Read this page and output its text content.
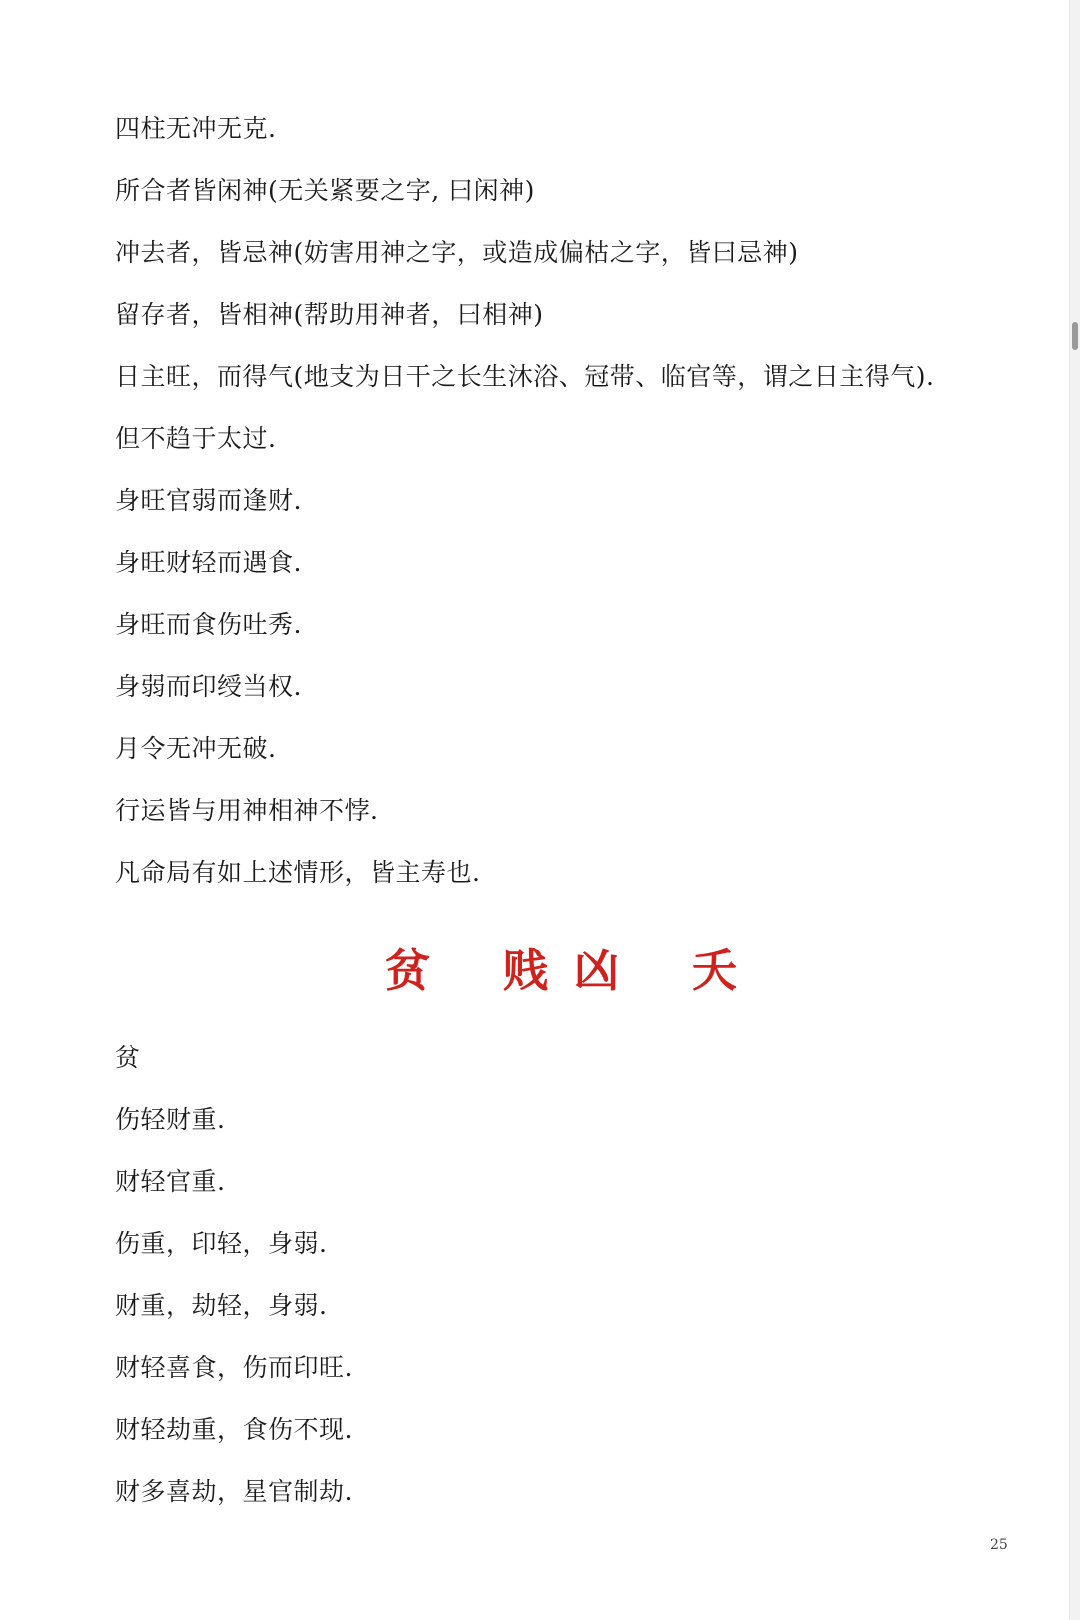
四柱无冲无克.
所合者皆闲神(无关紧要之字, 曰闲神)
冲去者，皆忌神(妨害用神之字，或造成偏枯之字，皆曰忌神)
留存者，皆相神(帮助用神者，曰相神)
日主旺，而得气(地支为日干之长生沐浴、冠带、临官等，谓之日主得气).
但不趋于太过.
身旺官弱而逢财.
身旺财轻而遇食.
身旺而食伤吐秀.
身弱而印绶当权.
月令无冲无破.
行运皆与用神相神不悖.
凡命局有如上述情形，皆主寿也.
贫 贱 凶 夭
贫
伤轻财重.
财轻官重.
伤重，印轻，身弱.
财重，劫轻，身弱.
财轻喜食，伤而印旺.
财轻劫重，食伤不现.
财多喜劫，星官制劫.
25
